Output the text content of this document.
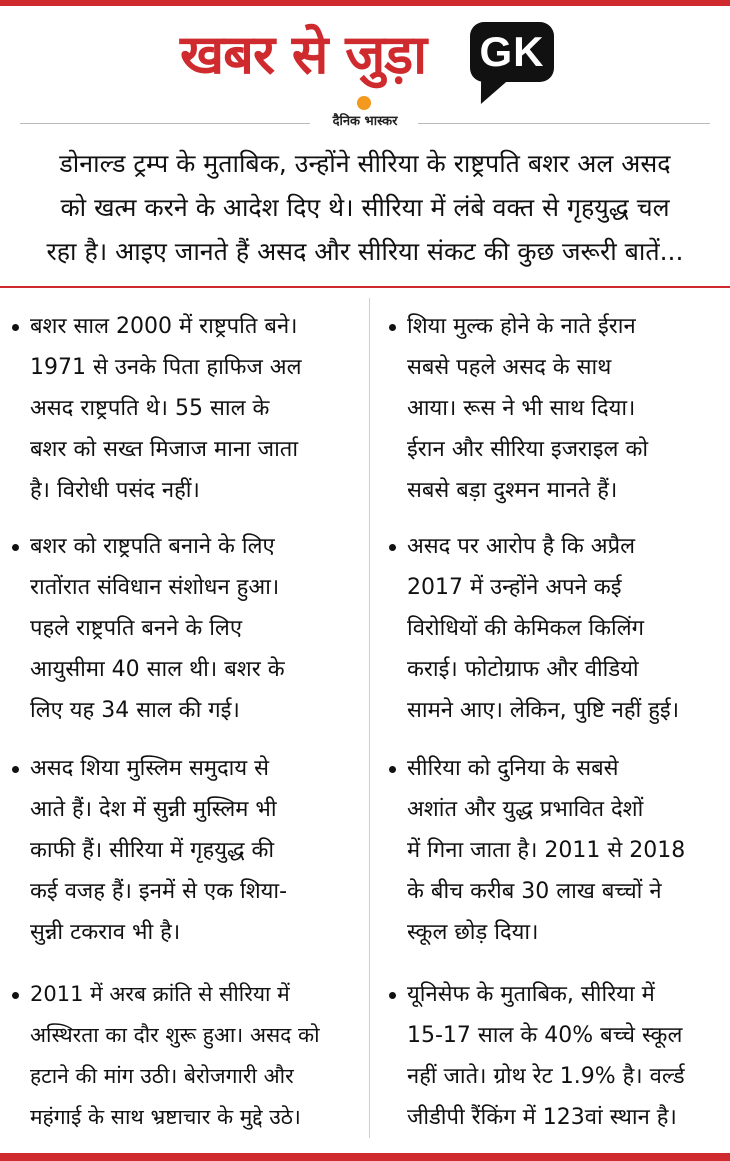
खबर से जुड़ा GK
दैनिक भास्कर
डोनाल्ड ट्रम्प के मुताबिक, उन्होंने सीरिया के राष्ट्रपति बशर अल असद
को खत्म करने के आदेश दिए थे। सीरिया में लंबे वक्त से गृहयुद्ध चल
रहा है। आइए जानते हैं असद और सीरिया संकट की कुछ जरूरी बातें...
बशर साल 2000 में राष्ट्रपति बने।
1971 से उनके पिता हाफिज अल
असद राष्ट्रपति थे। 55 साल के
बशर को सख्त मिजाज माना जाता
है। विरोधी पसंद नहीं।
बशर को राष्ट्रपति बनाने के लिए
रातोंरात संविधान संशोधन हुआ।
पहले राष्ट्रपति बनने के लिए
आयुसीमा 40 साल थी। बशर के
लिए यह 34 साल की गई।
असद शिया मुस्लिम समुदाय से
आते हैं। देश में सुन्नी मुस्लिम भी
काफी हैं। सीरिया में गृहयुद्ध की
कई वजह हैं। इनमें से एक शिया-
सुन्नी टकराव भी है।
2011 में अरब क्रांति से सीरिया में
अस्थिरता का दौर शुरू हुआ। असद को
हटाने की मांग उठी। बेरोजगारी और
महंगाई के साथ भ्रष्टाचार के मुद्दे उठे।
शिया मुल्क होने के नाते ईरान
सबसे पहले असद के साथ
आया। रूस ने भी साथ दिया।
ईरान और सीरिया इजराइल को
सबसे बड़ा दुश्मन मानते हैं।
असद पर आरोप है कि अप्रैल
2017 में उन्होंने अपने कई
विरोधियों की केमिकल किलिंग
कराई। फोटोग्राफ और वीडियो
सामने आए। लेकिन, पुष्टि नहीं हुई।
सीरिया को दुनिया के सबसे
अशांत और युद्ध प्रभावित देशों
में गिना जाता है। 2011 से 2018
के बीच करीब 30 लाख बच्चों ने
स्कूल छोड़ दिया।
यूनिसेफ के मुताबिक, सीरिया में
15-17 साल के 40% बच्चे स्कूल
नहीं जाते। ग्रोथ रेट 1.9% है। वर्ल्ड
जीडीपी रैंकिंग में 123वां स्थान है।
